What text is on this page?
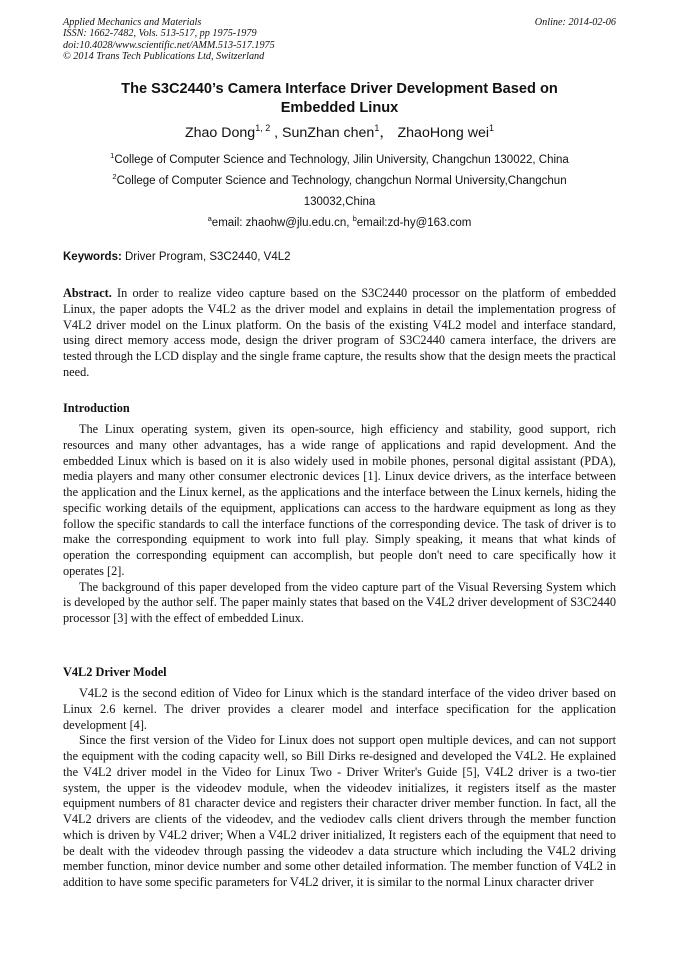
Applied Mechanics and Materials
ISSN: 1662-7482, Vols. 513-517, pp 1975-1979
doi:10.4028/www.scientific.net/AMM.513-517.1975
© 2014 Trans Tech Publications Ltd, Switzerland
Online: 2014-02-06
The S3C2440’s Camera Interface Driver Development Based on
Embedded Linux
Zhao Dong$^{1, 2}$ , SunZhan chen$^1$， ZhaoHong wei$^1$
$^1$College of Computer Science and Technology, Jilin University, Changchun 130022, China
$^2$College of Computer Science and Technology, changchun Normal University,Changchun
130032,China
$^a$email: zhaohw@jlu.edu.cn, $^b$email:zd-hy@163.com
Keywords: Driver Program, S3C2440, V4L2

Abstract. In order to realize video capture based on the S3C2440 processor on the platform of embedded Linux, the paper adopts the V4L2 as the driver model and explains in detail the implementation progress of V4L2 driver model on the Linux platform. On the basis of the existing V4L2 model and interface standard, using direct memory access mode, design the driver program of S3C2440 camera interface, the drivers are tested through the LCD display and the single frame capture, the results show that the design meets the practical need.

Introduction

The Linux operating system, given its open-source, high efficiency and stability, good support, rich resources and many other advantages, has a wide range of applications and rapid development. And the embedded Linux which is based on it is also widely used in mobile phones, personal digital assistant (PDA), media players and many other consumer electronic devices [1]. Linux device drivers, as the interface between the application and the Linux kernel, as the applications and the interface between the Linux kernels, hiding the specific working details of the equipment, applications can access to the hardware equipment as long as they follow the specific standards to call the interface functions of the corresponding device. The task of driver is to make the corresponding equipment to work into full play. Simply speaking, it means that what kinds of operation the corresponding equipment can accomplish, but people don't need to care specifically how it operates [2].

The background of this paper developed from the video capture part of the Visual Reversing System which is developed by the author self. The paper mainly states that based on the V4L2 driver development of S3C2440 processor [3] with the effect of embedded Linux.

V4L2 Driver Model

V4L2 is the second edition of Video for Linux which is the standard interface of the video driver based on Linux 2.6 kernel. The driver provides a clearer model and interface specification for the application development [4].

Since the first version of the Video for Linux does not support open multiple devices, and can not support the equipment with the coding capacity well, so Bill Dirks re-designed and developed the V4L2. He explained the V4L2 driver model in the Video for Linux Two - Driver Writer's Guide [5], V4L2 driver is a two-tier system, the upper is the videodev module, when the videodev initializes, it registers itself as the master equipment numbers of 81 character device and registers their character driver member function. In fact, all the V4L2 drivers are clients of the videodev, and the vediodev calls client drivers through the member function which is driven by V4L2 driver; When a V4L2 driver initialized, It registers each of the equipment that need to be dealt with the videodev through passing the videodev a data structure which including the V4L2 driving member function, minor device number and some other detailed information. The member function of V4L2 in addition to have some specific parameters for V4L2 driver, it is similar to the normal Linux character driver
